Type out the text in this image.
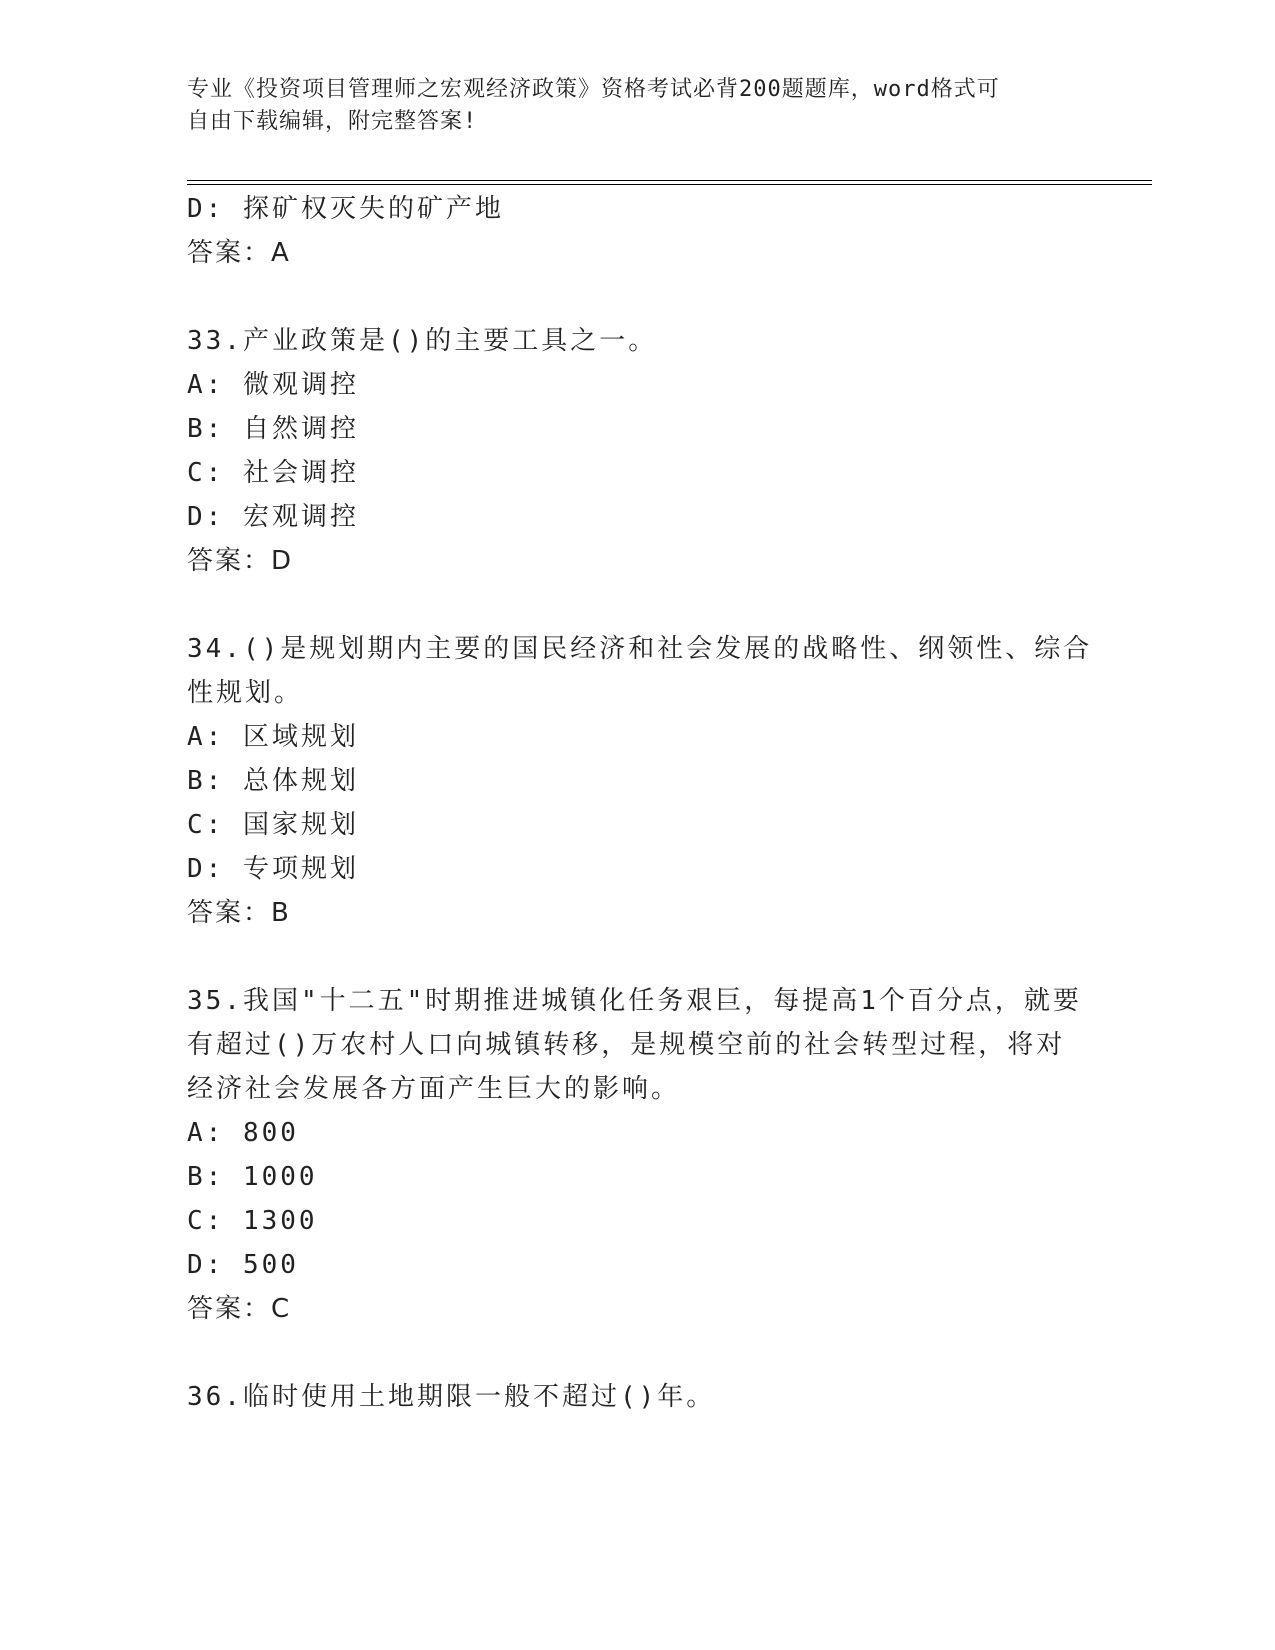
专业《投资项目管理师之宏观经济政策》资格考试必背200题题库，word格式可
自由下载编辑，附完整答案!
D: 探矿权灭失的矿产地
答案：A
33.产业政策是()的主要工具之一。
A: 微观调控
B: 自然调控
C: 社会调控
D: 宏观调控
答案：D
34.()是规划期内主要的国民经济和社会发展的战略性、纲领性、综合
性规划。
A: 区域规划
B: 总体规划
C: 国家规划
D: 专项规划
答案：B
35.我国"十二五"时期推进城镇化任务艰巨，每提高1个百分点，就要
有超过()万农村人口向城镇转移，是规模空前的社会转型过程，将对
经济社会发展各方面产生巨大的影响。
A: 800
B: 1000
C: 1300
D: 500
答案：C
36.临时使用土地期限一般不超过()年。
